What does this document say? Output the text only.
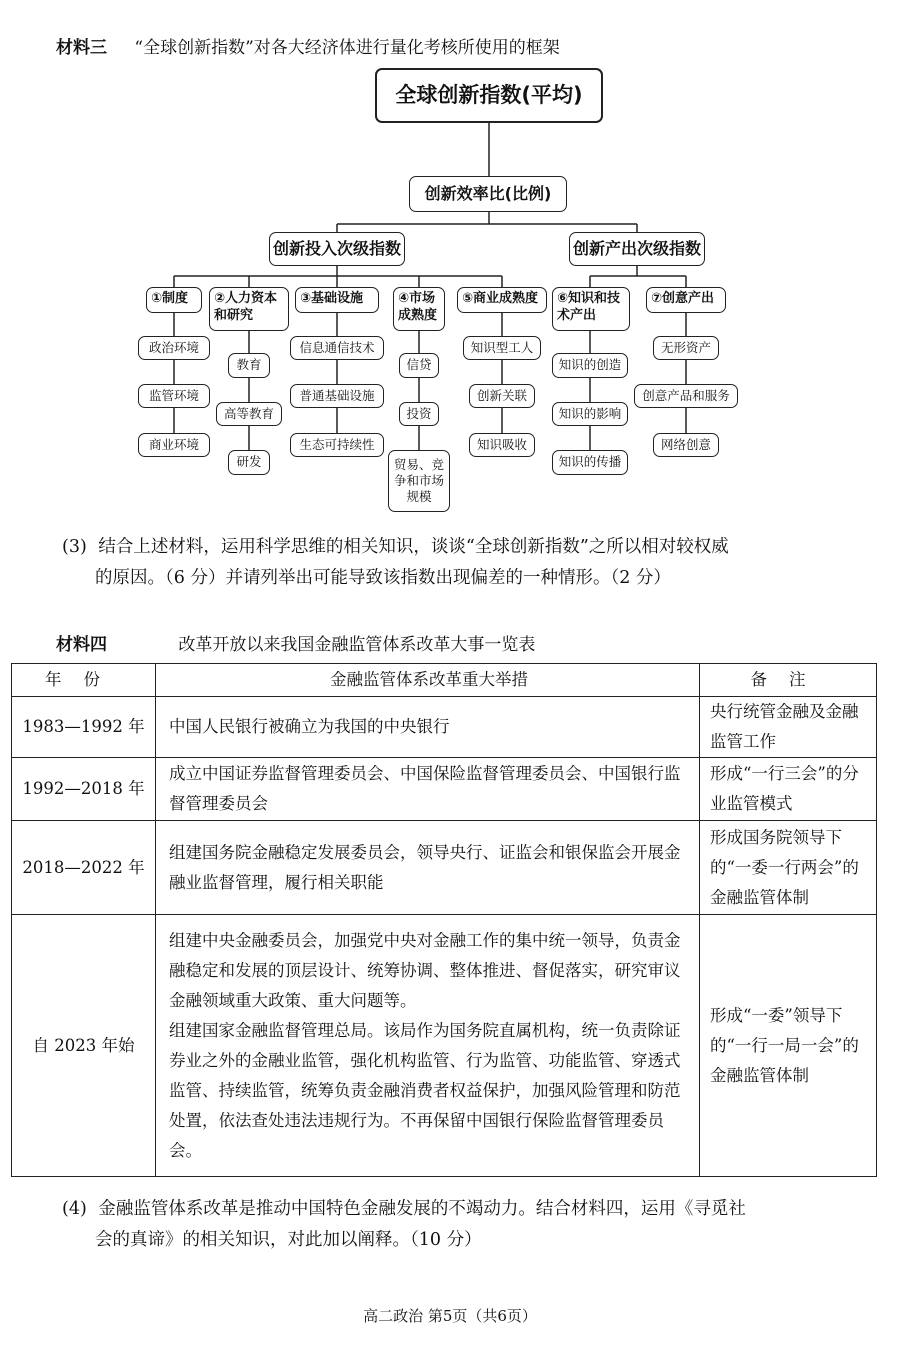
材料三 “全球创新指数”对各大经济体进行量化考核所使用的框架
全球创新指数(平均)
创新效率比(比例)
创新投入次级指数	创新产出次级指数
①制度
政治环境
监管环境
商业环境
②人力资本和研究
教育
高等教育
研发
③基础设施
信息通信技术
普通基础设施
生态可持续性
④市场成熟度
信贷
投资
贸易、竞争和市场规模
⑤商业成熟度
知识型工人
创新关联
知识吸收
⑥知识和技术产出
知识的创造
知识的影响
知识的传播
⑦创意产出
无形资产
创意产品和服务
网络创意
(3) 结合上述材料，运用科学思维的相关知识，谈谈“全球创新指数”之所以相对较权威
的原因。（6 分）并请列举出可能导致该指数出现偏差的一种情形。（2 分）
材料四	改革开放以来我国金融监管体系改革大事一览表
年份	金融监管体系改革重大举措	备注
1983—1992 年	中国人民银行被确立为我国的中央银行	央行统管金融及金融监管工作
1992—2018 年	成立中国证券监督管理委员会、中国保险监督管理委员会、中国银行监督管理委员会	形成“一行三会”的分业监管模式
2018—2022 年	组建国务院金融稳定发展委员会，领导央行、证监会和银保监会开展金融业监督管理，履行相关职能	形成国务院领导下的“一委一行两会”的金融监管体制
自 2023 年始	组建中央金融委员会，加强党中央对金融工作的集中统一领导，负责金融稳定和发展的顶层设计、统筹协调、整体推进、督促落实，研究审议金融领域重大政策、重大问题等。
组建国家金融监督管理总局。该局作为国务院直属机构，统一负责除证券业之外的金融业监管，强化机构监管、行为监管、功能监管、穿透式监管、持续监管，统筹负责金融消费者权益保护，加强风险管理和防范处置，依法查处违法违规行为。不再保留中国银行保险监督管理委员会。	形成“一委”领导下的“一行一局一会”的金融监管体制
(4) 金融监管体系改革是推动中国特色金融发展的不竭动力。结合材料四，运用《寻觅社
会的真谛》的相关知识，对此加以阐释。（10 分）
高二政治 第5页（共6页）
